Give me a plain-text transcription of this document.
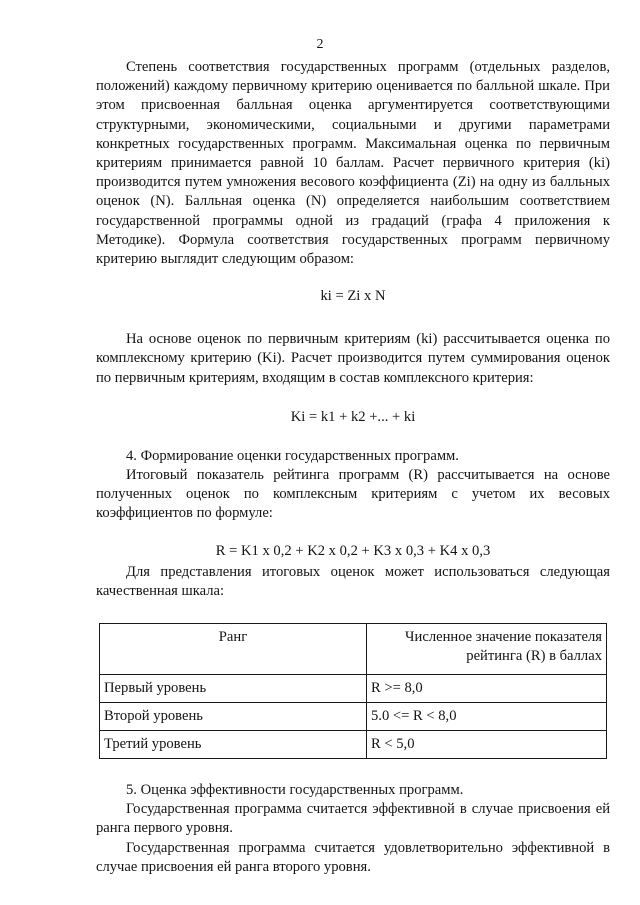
2

Степень соответствия государственных программ (отдельных разделов, положений) каждому первичному критерию оценивается по балльной шкале. При этом присвоенная балльная оценка аргументируется соответствующими структурными, экономическими, социальными и другими параметрами конкретных государственных программ. Максимальная оценка по первичным критериям принимается равной 10 баллам. Расчет первичного критерия (ki) производится путем умножения весового коэффициента (Zi) на одну из балльных оценок (N). Балльная оценка (N) определяется наибольшим соответствием государственной программы одной из градаций (графа 4 приложения к Методике). Формула соответствия государственных программ первичному критерию выглядит следующим образом:

ki = Zi x N

На основе оценок по первичным критериям (ki) рассчитывается оценка по комплексному критерию (Ki). Расчет производится путем суммирования оценок по первичным критериям, входящим в состав комплексного критерия:

Ki = k1 + k2 +... + ki

4. Формирование оценки государственных программ.

Итоговый показатель рейтинга программ (R) рассчитывается на основе полученных оценок по комплексным критериям с учетом их весовых коэффициентов по формуле:

R = K1 x 0,2 + K2 x 0,2 + K3 x 0,3 + K4 x 0,3

Для представления итоговых оценок может использоваться следующая качественная шкала:

Ранг	Численное значение показателя
рейтинга (R) в баллах

Первый уровень	R >= 8,0
Второй уровень	5.0 <= R < 8,0
Третий уровень	R < 5,0

5. Оценка эффективности государственных программ.

Государственная программа считается эффективной в случае присвоения ей ранга первого уровня.

Государственная программа считается удовлетворительно эффективной в случае присвоения ей ранга второго уровня.
